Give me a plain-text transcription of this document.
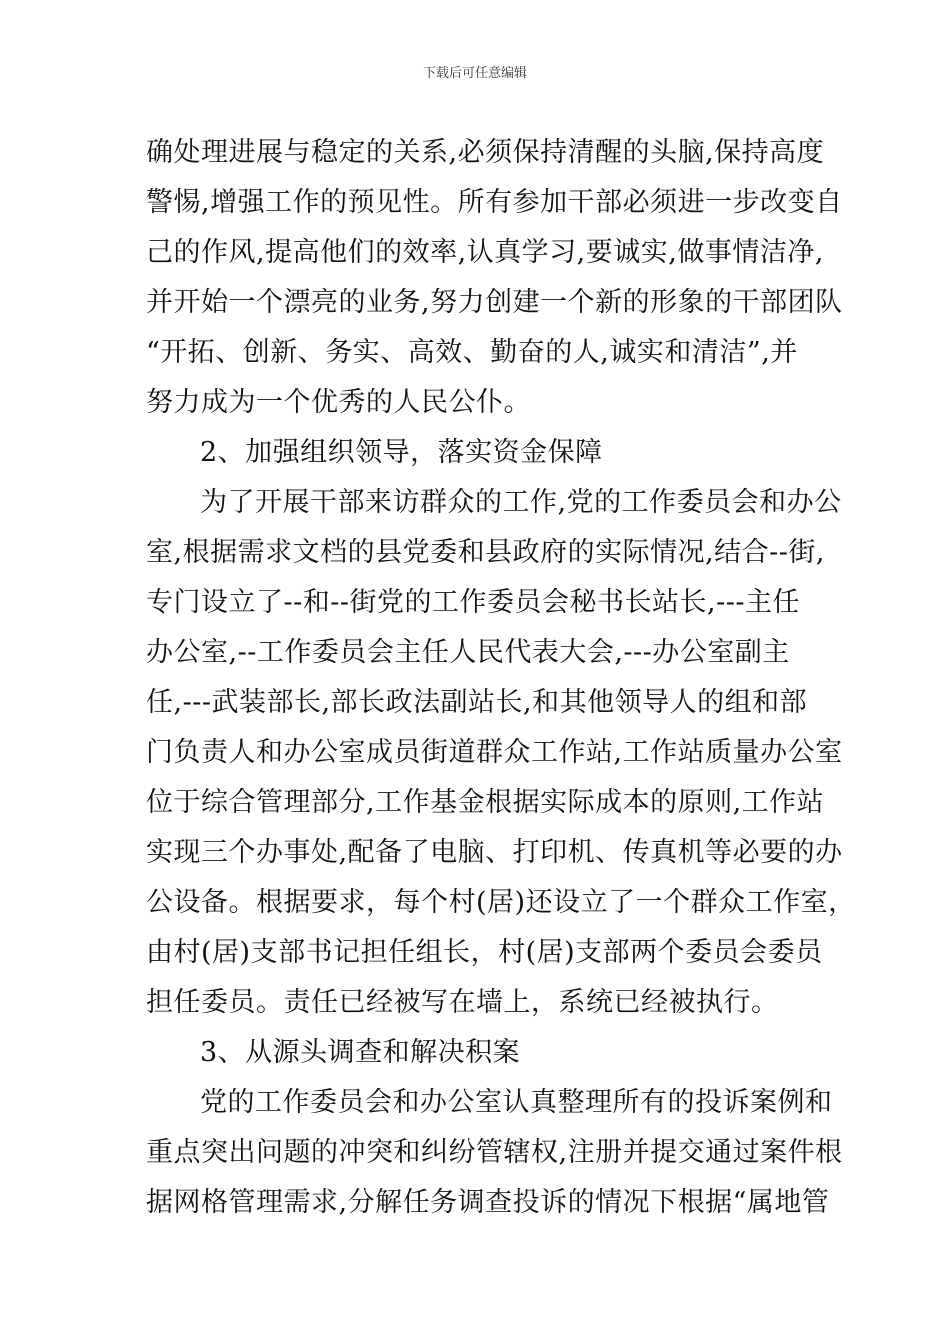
下载后可任意编辑
确处理进展与稳定的关系,必须保持清醒的头脑,保持高度
警惕,增强工作的预见性。所有参加干部必须进一步改变自
己的作风,提高他们的效率,认真学习,要诚实,做事情洁净,
并开始一个漂亮的业务,努力创建一个新的形象的干部团队
“开拓、创新、务实、高效、勤奋的人,诚实和清洁”,并
努力成为一个优秀的人民公仆。
2、加强组织领导，落实资金保障
为了开展干部来访群众的工作,党的工作委员会和办公
室,根据需求文档的县党委和县政府的实际情况,结合--街,
专门设立了--和--街党的工作委员会秘书长站长,---主任
办公室,--工作委员会主任人民代表大会,---办公室副主
任,---武装部长,部长政法副站长,和其他领导人的组和部
门负责人和办公室成员街道群众工作站,工作站质量办公室
位于综合管理部分,工作基金根据实际成本的原则,工作站
实现三个办事处,配备了电脑、打印机、传真机等必要的办
公设备。根据要求，每个村(居)还设立了一个群众工作室，
由村(居)支部书记担任组长，村(居)支部两个委员会委员
担任委员。责任已经被写在墙上，系统已经被执行。
3、从源头调查和解决积案
党的工作委员会和办公室认真整理所有的投诉案例和
重点突出问题的冲突和纠纷管辖权,注册并提交通过案件根
据网格管理需求,分解任务调查投诉的情况下根据“属地管
